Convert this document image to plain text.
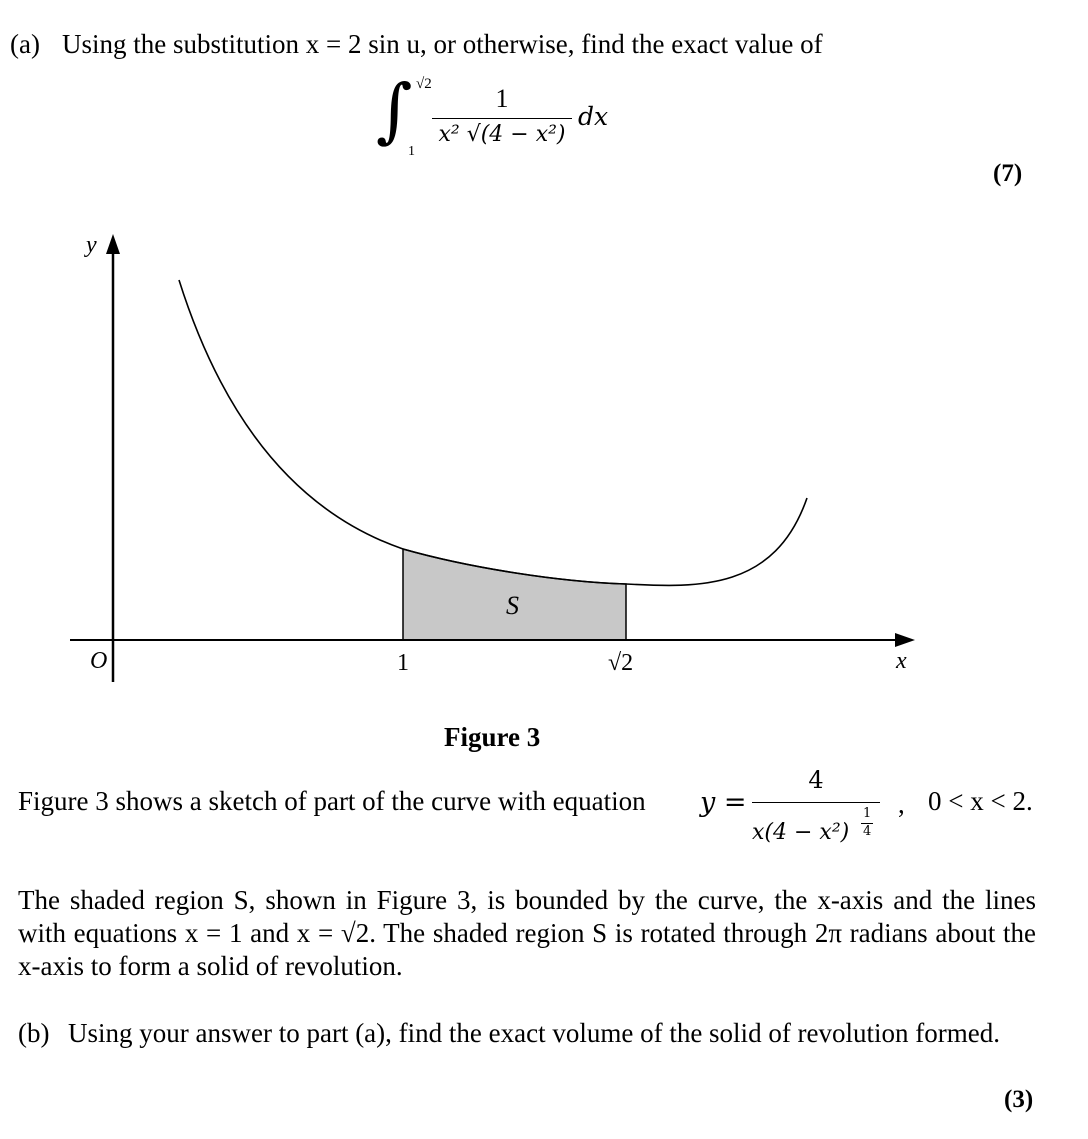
(a) Using the substitution x = 2 sin u, or otherwise, find the exact value of
∫ √2
1
1
x² √(4 − x²)
dx
(7)
y
x
O	1	√2
S
Figure 3
Figure 3 shows a sketch of part of the curve with equation y =
4
x(4 − x²)
1
4
, 0 < x < 2.
The shaded region S, shown in Figure 3, is bounded by the curve, the x-axis and the lines with equations x = 1 and x = √2. The shaded region S is rotated through 2π radians about the x-axis to form a solid of revolution.
(b) Using your answer to part (a), find the exact volume of the solid of revolution formed.
(3)
